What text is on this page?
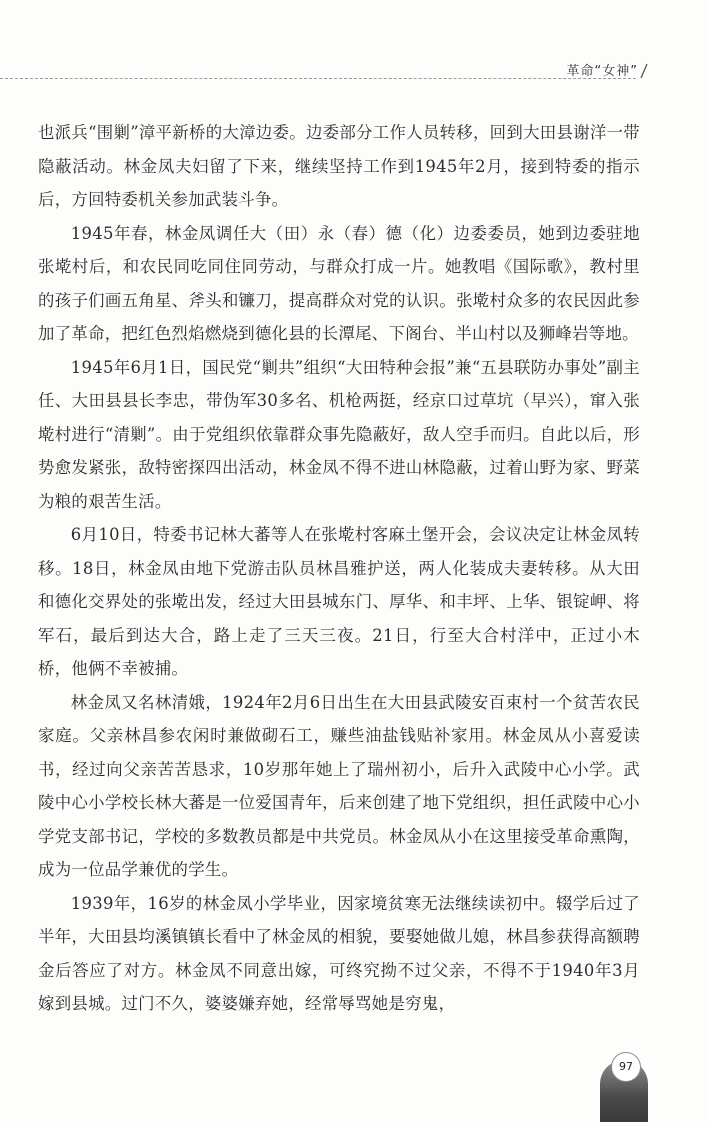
革命“女神”

也派兵“围剿”漳平新桥的大漳边委。边委部分工作人员转移，回到大田县谢洋一带隐蔽活动。林金凤夫妇留了下来，继续坚持工作到1945年2月，接到特委的指示后，方回特委机关参加武装斗争。

1945年春，林金凤调任大（田）永（春）德（化）边委委员，她到边委驻地张墘村后，和农民同吃同住同劳动，与群众打成一片。她教唱《国际歌》，教村里的孩子们画五角星、斧头和镰刀，提高群众对党的认识。张墘村众多的农民因此参加了革命，把红色烈焰燃烧到德化县的长潭尾、下阁台、半山村以及狮峰岩等地。

1945年6月1日，国民党“剿共”组织“大田特种会报”兼“五县联防办事处”副主任、大田县县长李忠，带伪军30多名、机枪两挺，经京口过草坑（早兴），窜入张墘村进行“清剿”。由于党组织依靠群众事先隐蔽好，敌人空手而归。自此以后，形势愈发紧张，敌特密探四出活动，林金凤不得不进山林隐蔽，过着山野为家、野菜为粮的艰苦生活。

6月10日，特委书记林大蕃等人在张墘村客麻土堡开会，会议决定让林金凤转移。18日，林金凤由地下党游击队员林昌雅护送，两人化装成夫妻转移。从大田和德化交界处的张墘出发，经过大田县城东门、厚华、和丰坪、上华、银锭岬、将军石，最后到达大合，路上走了三天三夜。21日，行至大合村洋中，正过小木桥，他俩不幸被捕。

林金凤又名林清娥，1924年2月6日出生在大田县武陵安百束村一个贫苦农民家庭。父亲林昌参农闲时兼做砌石工，赚些油盐钱贴补家用。林金凤从小喜爱读书，经过向父亲苦苦恳求，10岁那年她上了瑞州初小，后升入武陵中心小学。武陵中心小学校长林大蕃是一位爱国青年，后来创建了地下党组织，担任武陵中心小学党支部书记，学校的多数教员都是中共党员。林金凤从小在这里接受革命熏陶，成为一位品学兼优的学生。

1939年，16岁的林金凤小学毕业，因家境贫寒无法继续读初中。辍学后过了半年，大田县均溪镇镇长看中了林金凤的相貌，要娶她做儿媳，林昌参获得高额聘金后答应了对方。林金凤不同意出嫁，可终究拗不过父亲，不得不于1940年3月嫁到县城。过门不久，婆婆嫌弃她，经常辱骂她是穷鬼，

97
